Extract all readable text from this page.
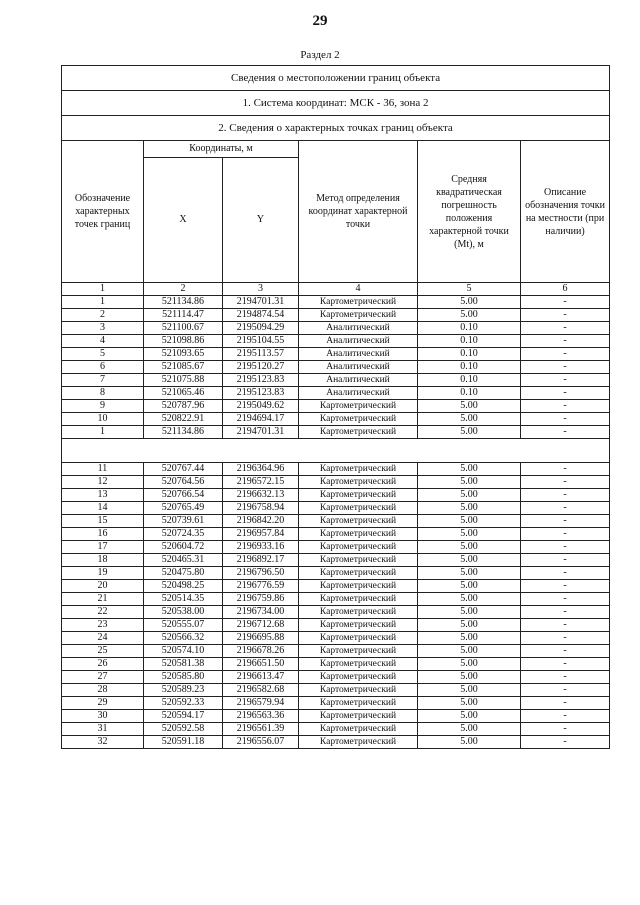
29
Раздел 2
Сведения о местоположении границ объекта					
1. Система координат: МСК - 36, зона 2					
2. Сведения о характерных точках границ объекта					
Обозначение характерных точек границ	Координаты, м		Метод определения координат характерной точки	Средняя квадратическая погрешность положения характерной точки (Mt), м	Описание обозначения точки на местности (при наличии)
	X	Y			
1	2	3	4	5	6
1	521134.86	2194701.31	Картометрический	5.00	-
2	521114.47	2194874.54	Картометрический	5.00	-
3	521100.67	2195094.29	Аналитический	0.10	-
4	521098.86	2195104.55	Аналитический	0.10	-
5	521093.65	2195113.57	Аналитический	0.10	-
6	521085.67	2195120.27	Аналитический	0.10	-
7	521075.88	2195123.83	Аналитический	0.10	-
8	521065.46	2195123.83	Аналитический	0.10	-
9	520787.96	2195049.62	Картометрический	5.00	-
10	520822.91	2194694.17	Картометрический	5.00	-
1	521134.86	2194701.31	Картометрический	5.00	-

11	520767.44	2196364.96	Картометрический	5.00	-
12	520764.56	2196572.15	Картометрический	5.00	-
13	520766.54	2196632.13	Картометрический	5.00	-
14	520765.49	2196758.94	Картометрический	5.00	-
15	520739.61	2196842.20	Картометрический	5.00	-
16	520724.35	2196957.84	Картометрический	5.00	-
17	520604.72	2196933.16	Картометрический	5.00	-
18	520465.31	2196892.17	Картометрический	5.00	-
19	520475.80	2196796.50	Картометрический	5.00	-
20	520498.25	2196776.59	Картометрический	5.00	-
21	520514.35	2196759.86	Картометрический	5.00	-
22	520538.00	2196734.00	Картометрический	5.00	-
23	520555.07	2196712.68	Картометрический	5.00	-
24	520566.32	2196695.88	Картометрический	5.00	-
25	520574.10	2196678.26	Картометрический	5.00	-
26	520581.38	2196651.50	Картометрический	5.00	-
27	520585.80	2196613.47	Картометрический	5.00	-
28	520589.23	2196582.68	Картометрический	5.00	-
29	520592.33	2196579.94	Картометрический	5.00	-
30	520594.17	2196563.36	Картометрический	5.00	-
31	520592.58	2196561.39	Картометрический	5.00	-
32	520591.18	2196556.07	Картометрический	5.00	-
